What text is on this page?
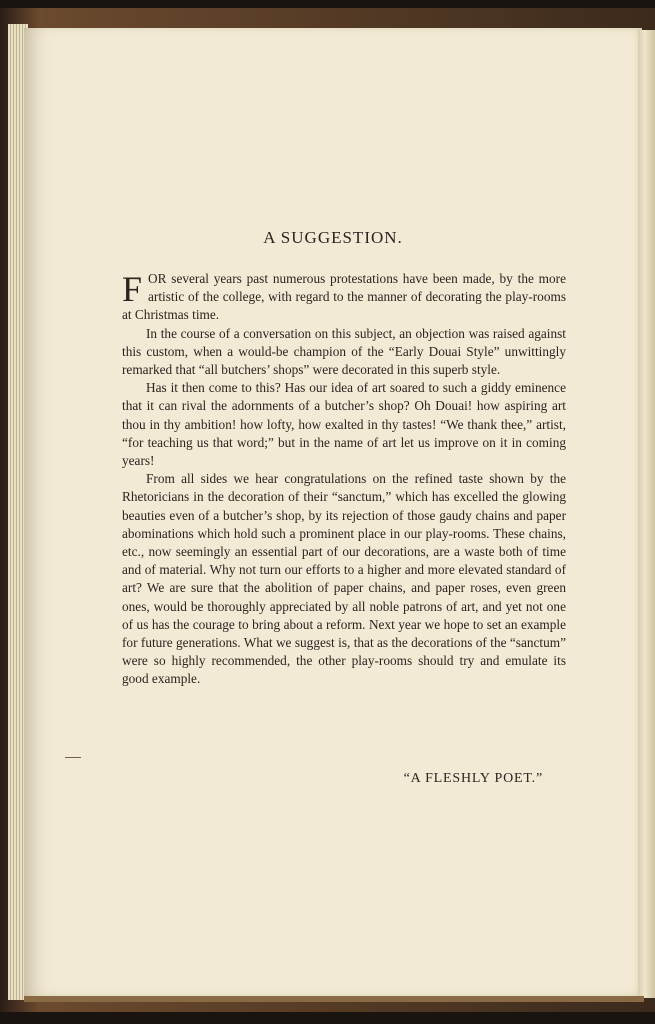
A SUGGESTION.

FOR several years past numerous protestations have been made, by the more artistic of the college, with regard to the manner of decorating the play-rooms at Christmas time.

In the course of a conversation on this subject, an objection was raised against this custom, when a would-be champion of the “Early Douai Style” unwittingly remarked that “all butchers’ shops” were decorated in this superb style.

Has it then come to this? Has our idea of art soared to such a giddy eminence that it can rival the adornments of a butcher’s shop? Oh Douai! how aspiring art thou in thy ambition! how lofty, how exalted in thy tastes! “We thank thee,” artist, “for teaching us that word;” but in the name of art let us improve on it in coming years!

From all sides we hear congratulations on the refined taste shown by the Rhetoricians in the decoration of their “sanctum,” which has excelled the glowing beauties even of a butcher’s shop, by its rejection of those gaudy chains and paper abominations which hold such a prominent place in our play-rooms. These chains, etc., now seemingly an essential part of our decorations, are a waste both of time and of material. Why not turn our efforts to a higher and more elevated standard of art? We are sure that the abolition of paper chains, and paper roses, even green ones, would be thoroughly appreciated by all noble patrons of art, and yet not one of us has the courage to bring about a reform. Next year we hope to set an example for future generations. What we suggest is, that as the decorations of the “sanctum” were so highly recommended, the other play-rooms should try and emulate its good example.

“A FLESHLY POET.”
